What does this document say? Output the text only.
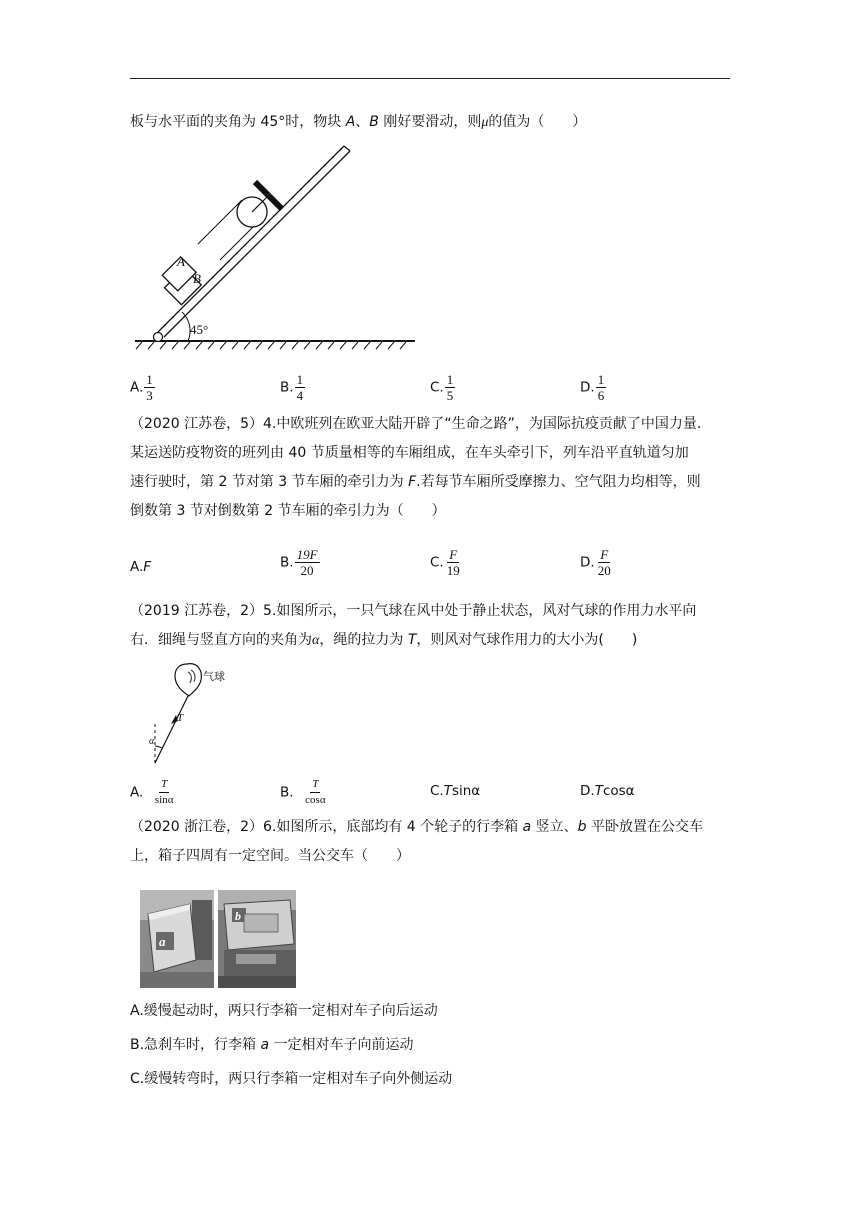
板与水平面的夹角为 45°时，物块 A、B 刚好要滑动，则μ的值为（　　）
45°
B
A
A. $\frac{1}{3}$	B. $\frac{1}{4}$	C. $\frac{1}{5}$	D. $\frac{1}{6}$
（2020 江苏卷，5）4.中欧班列在欧亚大陆开辟了“生命之路”，为国际抗疫贡献了中国力量.
某运送防疫物资的班列由 40 节质量相等的车厢组成，在车头牵引下，列车沿平直轨道匀加
速行驶时，第 2 节对第 3 节车厢的牵引力为 F.若每节车厢所受摩擦力、空气阻力均相等，则
倒数第 3 节对倒数第 2 节车厢的牵引力为（　　）
A.F	B. $\frac{19F}{20}$	C. $\frac{F}{19}$	D. $\frac{F}{20}$
（2019 江苏卷，2）5.如图所示，一只气球在风中处于静止状态，风对气球的作用力水平向
右．细绳与竖直方向的夹角为α，绳的拉力为 T，则风对气球作用力的大小为(　　)
气球
T
α
A. $\frac{T}{\sin\alpha}$	B. $\frac{T}{\cos\alpha}$	C.Tsinα	D.Tcosα
（2020 浙江卷，2）6.如图所示，底部均有 4 个轮子的行李箱 a 竖立、b 平卧放置在公交车
上，箱子四周有一定空间。当公交车（　　）
a
b
A.缓慢起动时，两只行李箱一定相对车子向后运动
B.急刹车时，行李箱 a 一定相对车子向前运动
C.缓慢转弯时，两只行李箱一定相对车子向外侧运动
